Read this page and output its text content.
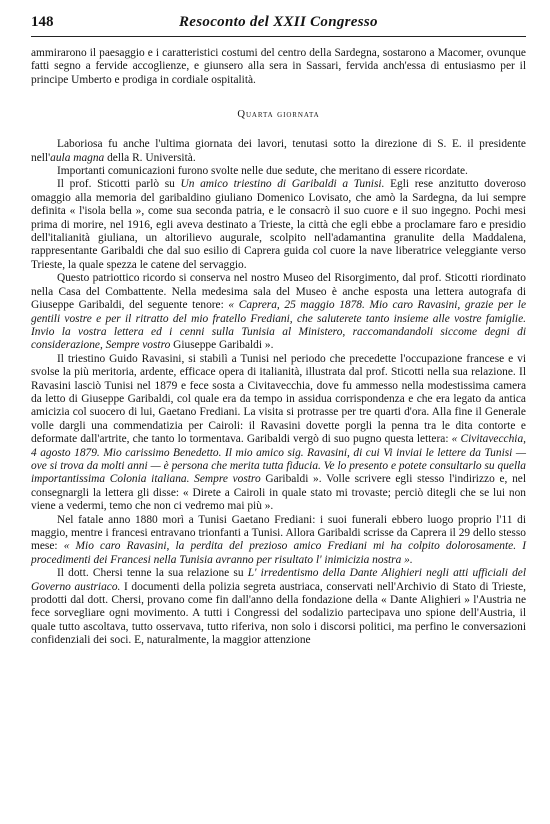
148	Resoconto del XXII Congresso

ammirarono il paesaggio e i caratteristici costumi del centro della Sardegna, sostarono a Macomer, ovunque fatti segno a fervide accoglienze, e giunsero alla sera in Sassari, fervida anch'essa di entusiasmo per il principe Umberto e prodiga in cordiale ospitalità.

Quarta giornata

Laboriosa fu anche l'ultima giornata dei lavori, tenutasi sotto la direzione di S. E. il presidente nell'aula magna della R. Università.

Importanti comunicazioni furono svolte nelle due sedute, che meritano di essere ricordate.

Il prof. Sticotti parlò su Un amico triestino di Garibaldi a Tunisi. Egli rese anzitutto doveroso omaggio alla memoria del garibaldino giuliano Domenico Lovisato, che amò la Sardegna, da lui sempre definita « l'isola bella », come sua seconda patria, e le consacrò il suo cuore e il suo ingegno. Pochi mesi prima di morire, nel 1916, egli aveva destinato a Trieste, la città che egli ebbe a proclamare faro e presidio dell'italianità giuliana, un altorilievo augurale, scolpito nell'adamantina granulite della Maddalena, rappresentante Garibaldi che dal suo esilio di Caprera guida col cuore la nave liberatrice veleggiante verso Trieste, la quale spezza le catene del servaggio.

Questo patriottico ricordo si conserva nel nostro Museo del Risorgimento, dal prof. Sticotti riordinato nella Casa del Combattente. Nella medesima sala del Museo è anche esposta una lettera autografa di Giuseppe Garibaldi, del seguente tenore: « Caprera, 25 maggio 1878. Mio caro Ravasini, grazie per le gentili vostre e per il ritratto del mio fratello Frediani, che saluterete tanto insieme alle vostre famiglie. Invio la vostra lettera ed i cenni sulla Tunisia al Ministero, raccomandandoli siccome degni di considerazione, Sempre vostro Giuseppe Garibaldi ».

Il triestino Guido Ravasini, si stabilì a Tunisi nel periodo che precedette l'occupazione francese e vi svolse la più meritoria, ardente, efficace opera di italianità, illustrata dal prof. Sticotti nella sua relazione. Il Ravasini lasciò Tunisi nel 1879 e fece sosta a Civitavecchia, dove fu ammesso nella modestissima camera da letto di Giuseppe Garibaldi, col quale era da tempo in assidua corrispondenza e che era legato da antica amicizia col suocero di lui, Gaetano Frediani. La visita si protrasse per tre quarti d'ora. Alla fine il Generale volle dargli una commendatizia per Cairoli: il Ravasini dovette porgli la penna tra le dita contorte e deformate dall'artrite, che tanto lo tormentava. Garibaldi vergò di suo pugno questa lettera: « Civitavecchia, 4 agosto 1879. Mio carissimo Benedetto. Il mio amico sig. Ravasini, di cui Vi inviai le lettere da Tunisi — ove si trova da molti anni — è persona che merita tutta fiducia. Ve lo presento e potete consultarlo su quella importantissima Colonia italiana. Sempre vostro Garibaldi ». Volle scrivere egli stesso l'indirizzo e, nel consegnargli la lettera gli disse: « Direte a Cairoli in quale stato mi trovaste; perciò ditegli che se lui non viene a vedermi, temo che non ci vedremo mai più ».

Nel fatale anno 1880 morì a Tunisi Gaetano Frediani: i suoi funerali ebbero luogo proprio l'11 di maggio, mentre i francesi entravano trionfanti a Tunisi. Allora Garibaldi scrisse da Caprera il 29 dello stesso mese: « Mio caro Ravasini, la perdita del prezioso amico Frediani mi ha colpito dolorosamente. I procedimenti dei Francesi nella Tunisia avranno per risultato l' inimicizia nostra ».

Il dott. Chersi tenne la sua relazione su L' irredentismo della Dante Alighieri negli atti ufficiali del Governo austriaco. I documenti della polizia segreta austriaca, conservati nell'Archivio di Stato di Trieste, prodotti dal dott. Chersi, provano come fin dall'anno della fondazione della « Dante Alighieri » l'Austria ne fece sorvegliare ogni movimento. A tutti i Congressi del sodalizio partecipava uno spione dell'Austria, il quale tutto ascoltava, tutto osservava, tutto riferiva, non solo i discorsi politici, ma perfino le conversazioni confidenziali dei soci. E, naturalmente, la maggior attenzione
